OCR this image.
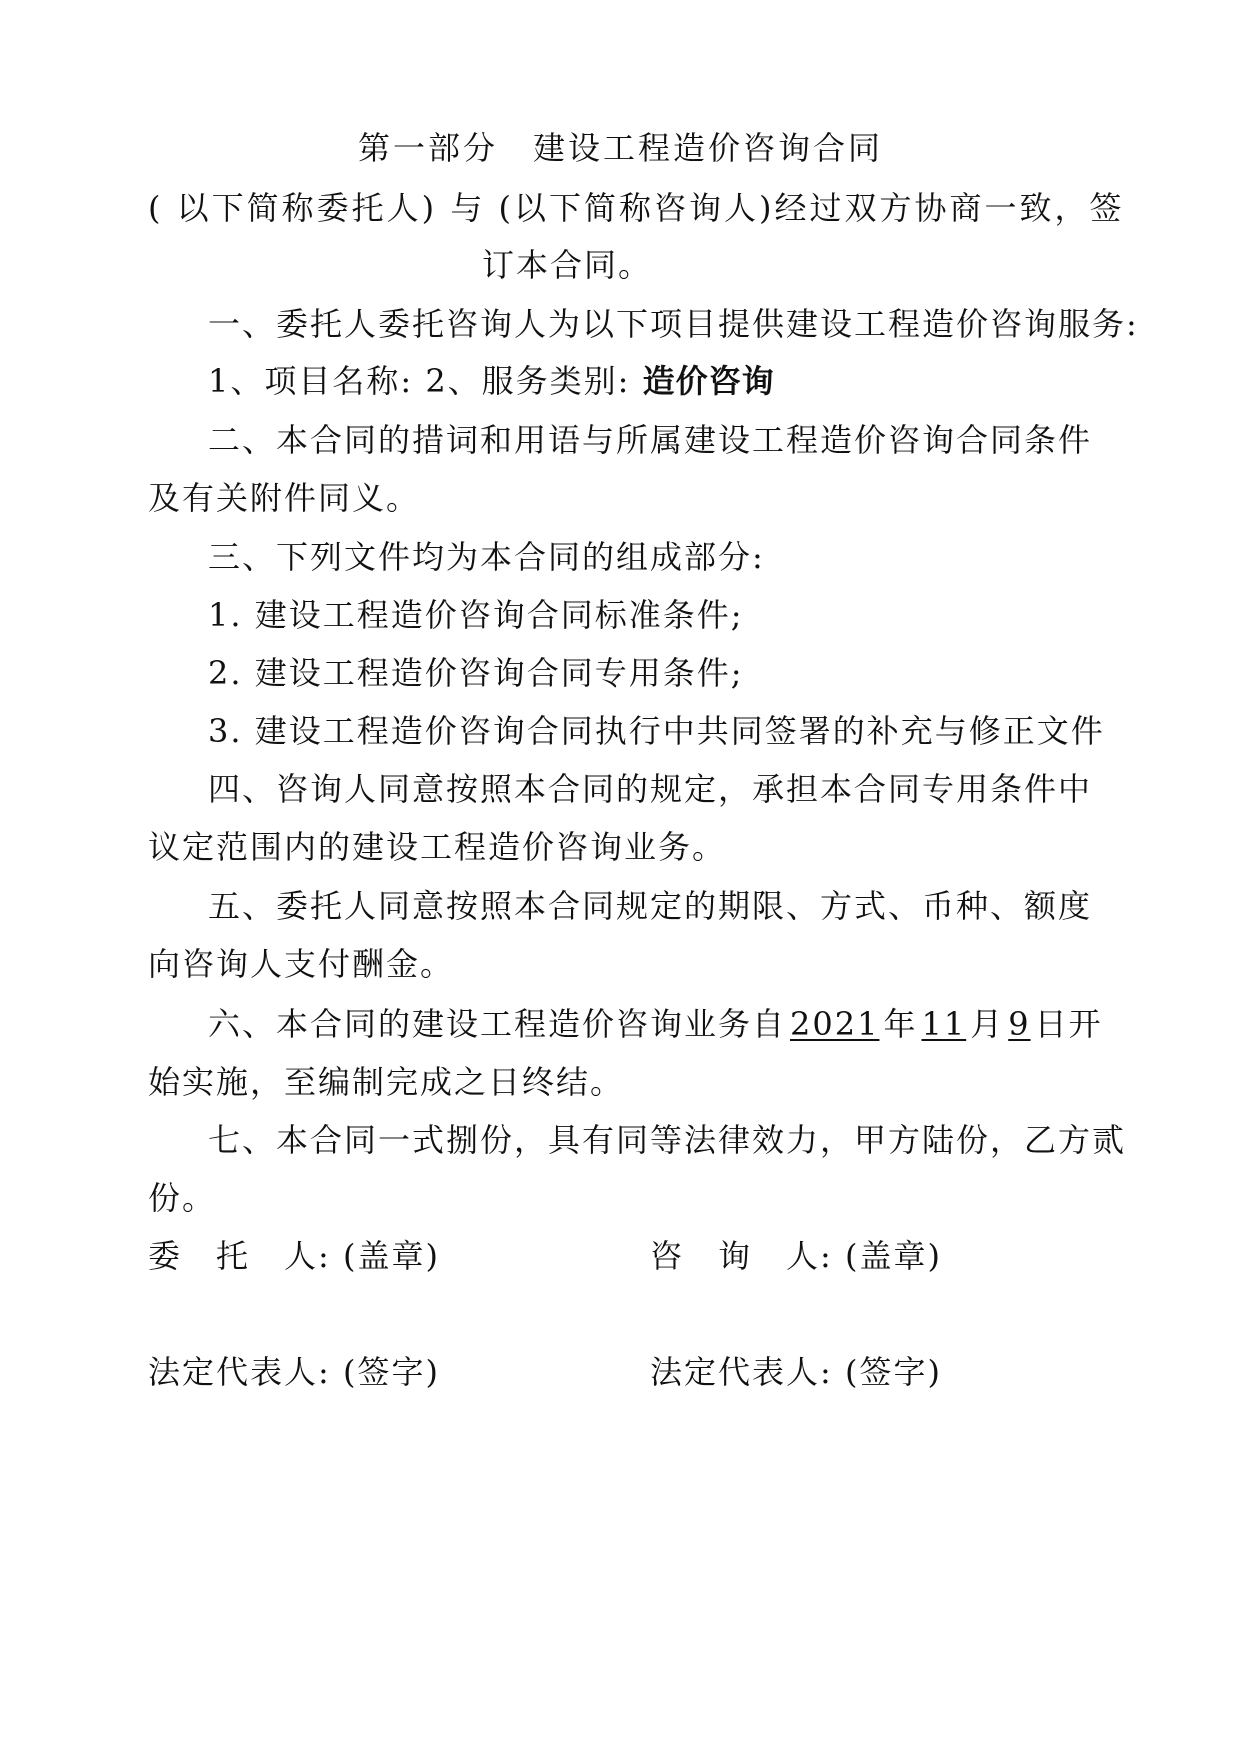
第一部分　建设工程造价咨询合同
( 以下简称委托人) 与 (以下简称咨询人)经过双方协商一致，签
订本合同。
一、委托人委托咨询人为以下项目提供建设工程造价咨询服务:
1、项目名称: 2、服务类别: 造价咨询
二、本合同的措词和用语与所属建设工程造价咨询合同条件
及有关附件同义。
三、下列文件均为本合同的组成部分:
1. 建设工程造价咨询合同标准条件;
2. 建设工程造价咨询合同专用条件;
3. 建设工程造价咨询合同执行中共同签署的补充与修正文件
四、咨询人同意按照本合同的规定，承担本合同专用条件中
议定范围内的建设工程造价咨询业务。
五、委托人同意按照本合同规定的期限、方式、币种、额度
向咨询人支付酬金。
六、本合同的建设工程造价咨询业务自 2021 年 11 月 9 日开
始实施，至编制完成之日终结。
七、本合同一式捌份，具有同等法律效力，甲方陆份，乙方贰
份。
委　托　人: (盖章)	咨　询　人: (盖章)
法定代表人: (签字)	法定代表人: (签字)
